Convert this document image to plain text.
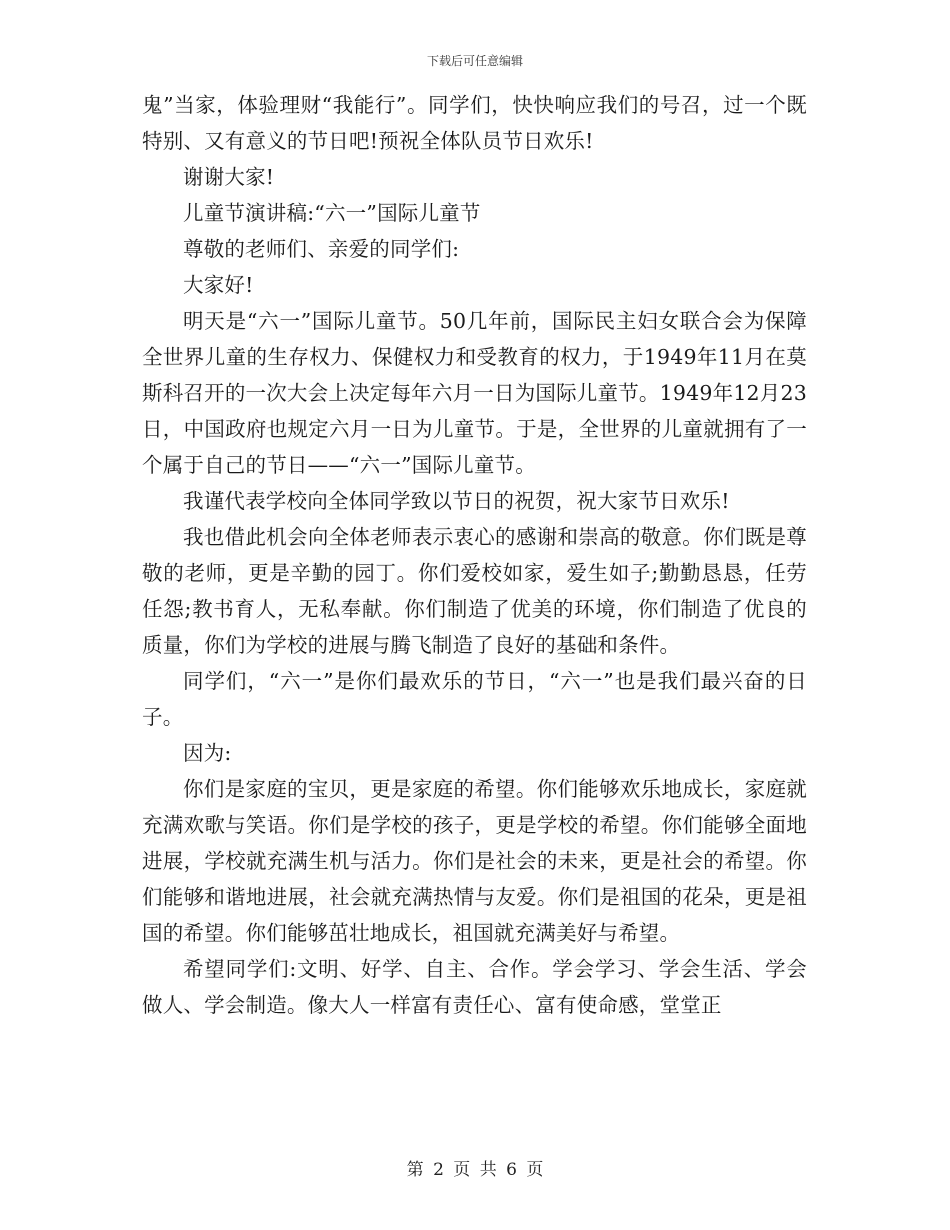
下载后可任意编辑

鬼”当家，体验理财“我能行”。同学们，快快响应我们的号召，过一个既特别、又有意义的节日吧!预祝全体队员节日欢乐!

谢谢大家!

儿童节演讲稿:“六一”国际儿童节

尊敬的老师们、亲爱的同学们:

大家好!

明天是“六一”国际儿童节。50几年前，国际民主妇女联合会为保障全世界儿童的生存权力、保健权力和受教育的权力，于1949年11月在莫斯科召开的一次大会上决定每年六月一日为国际儿童节。1949年12月23日，中国政府也规定六月一日为儿童节。于是，全世界的儿童就拥有了一个属于自己的节日——“六一”国际儿童节。

我谨代表学校向全体同学致以节日的祝贺，祝大家节日欢乐!

我也借此机会向全体老师表示衷心的感谢和崇高的敬意。你们既是尊敬的老师，更是辛勤的园丁。你们爱校如家，爱生如子;勤勤恳恳，任劳任怨;教书育人，无私奉献。你们制造了优美的环境，你们制造了优良的质量，你们为学校的进展与腾飞制造了良好的基础和条件。

同学们，“六一”是你们最欢乐的节日，“六一”也是我们最兴奋的日子。

因为:

你们是家庭的宝贝，更是家庭的希望。你们能够欢乐地成长，家庭就充满欢歌与笑语。你们是学校的孩子，更是学校的希望。你们能够全面地进展，学校就充满生机与活力。你们是社会的未来，更是社会的希望。你们能够和谐地进展，社会就充满热情与友爱。你们是祖国的花朵，更是祖国的希望。你们能够茁壮地成长，祖国就充满美好与希望。

希望同学们:文明、好学、自主、合作。学会学习、学会生活、学会做人、学会制造。像大人一样富有责任心、富有使命感，堂堂正

第 2 页 共 6 页
